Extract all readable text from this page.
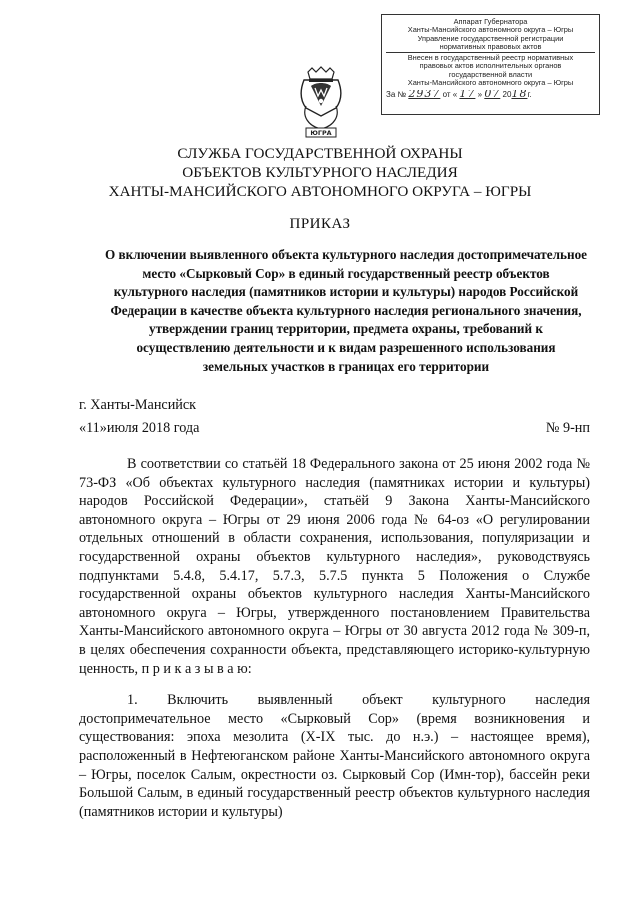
Аппарат Губернатора
Ханты-Мансийского автономного округа – Югры
Управление государственной регистрации
нормативных правовых актов
Внесен в государственный реестр нормативных
правовых актов исполнительных органов
государственной власти
Ханты-Мансийского автономного округа – Югры
За № 2937 от « 17 » 07 2018г.
ЮГРА
СЛУЖБА ГОСУДАРСТВЕННОЙ ОХРАНЫ
ОБЪЕКТОВ КУЛЬТУРНОГО НАСЛЕДИЯ
ХАНТЫ-МАНСИЙСКОГО АВТОНОМНОГО ОКРУГА – ЮГРЫ
ПРИКАЗ
О включении выявленного объекта культурного наследия достопримечательное место «Сырковый Сор» в единый государственный реестр объектов культурного наследия (памятников истории и культуры) народов Российской Федерации в качестве объекта культурного наследия регионального значения, утверждении границ территории, предмета охраны, требований к осуществлению деятельности и к видам разрешенного использования земельных участков в границах его территории
г. Ханты-Мансийск
«11»июля 2018 года	№ 9-нп

В соответствии со статьёй 18 Федерального закона от 25 июня 2002 года № 73-ФЗ «Об объектах культурного наследия (памятниках истории и культуры) народов Российской Федерации», статьёй 9 Закона Ханты-Мансийского автономного округа – Югры от 29 июня 2006 года № 64-оз «О регулировании отдельных отношений в области сохранения, использования, популяризации и государственной охраны объектов культурного наследия», руководствуясь подпунктами 5.4.8, 5.4.17, 5.7.3, 5.7.5 пункта 5 Положения о Службе государственной охраны объектов культурного наследия Ханты-Мансийского автономного округа – Югры, утвержденного постановлением Правительства Ханты-Мансийского автономного округа – Югры от 30 августа 2012 года № 309-п, в целях обеспечения сохранности объекта, представляющего историко-культурную ценность, п р и к а з ы в а ю:

1. Включить выявленный объект культурного наследия достопримечательное место «Сырковый Сор» (время возникновения и существования: эпоха мезолита (X-IX тыс. до н.э.) – настоящее время), расположенный в Нефтеюганском районе Ханты-Мансийского автономного округа – Югры, поселок Салым, окрестности оз. Сырковый Сор (Имн-тор), бассейн реки Большой Салым, в единый государственный реестр объектов культурного наследия (памятников истории и культуры)
